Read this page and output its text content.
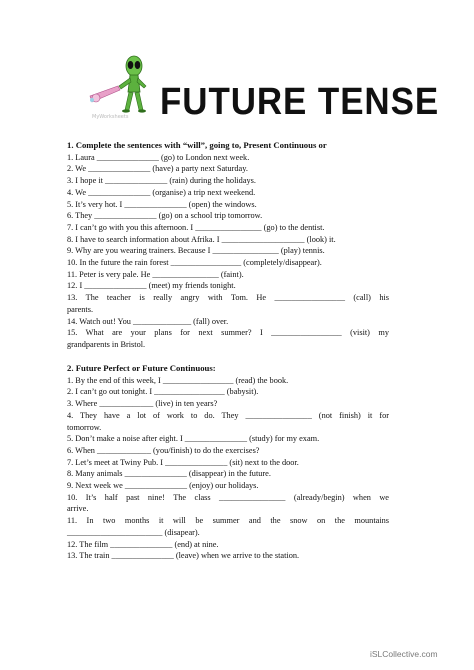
MyWorksheets FUTURE TENSE
1. Complete the sentences with “will”, going to, Present Continuous or
1. Laura _______________ (go) to London next week.
2. We _______________ (have) a party next Saturday.
3. I hope it _______________ (rain) during the holidays.
4. We _______________ (organise) a trip next weekend.
5. It’s very hot. I _______________ (open) the windows.
6. They _______________ (go) on a school trip tomorrow.
7. I can’t go with you this afternoon. I ________________ (go) to the dentist.
8. I have to search information about Afrika. I ____________________ (look) it.
9. Why are you wearing trainers. Because I ________________ (play) tennis.
10. In the future the rain forest _________________ (completely/disappear).
11. Peter is very pale. He ________________ (faint).
12. I _______________ (meet) my friends tonight.
13. The teacher is really angry with Tom. He _________________ (call) his
parents.
14. Watch out! You ______________ (fall) over.
15. What are your plans for next summer? I _________________ (visit) my
grandparents in Bristol.
2. Future Perfect or Future Continuous:
1. By the end of this week, I _________________ (read) the book.
2. I can’t go out tonight. I _________________ (babysit).
3. Where _____________ (live) in ten years?
4. They have a lot of work to do. They ________________ (not finish) it for
tomorrow.
5. Don’t make a noise after eight. I _______________ (study) for my exam.
6. When _____________ (you/finish) to do the exercises?
7. Let’s meet at Twiny Pub. I _______________ (sit) next to the door.
8. Many animals _______________ (disappear) in the future.
9. Next week we _______________ (enjoy) our holidays.
10. It’s half past nine! The class ________________ (already/begin) when we
arrive.
11. In two months it will be summer and the snow on the mountains
_______________________ (disapear).
12. The film _______________ (end) at nine.
13. The train _______________ (leave) when we arrive to the station.
iSLCollective.com
